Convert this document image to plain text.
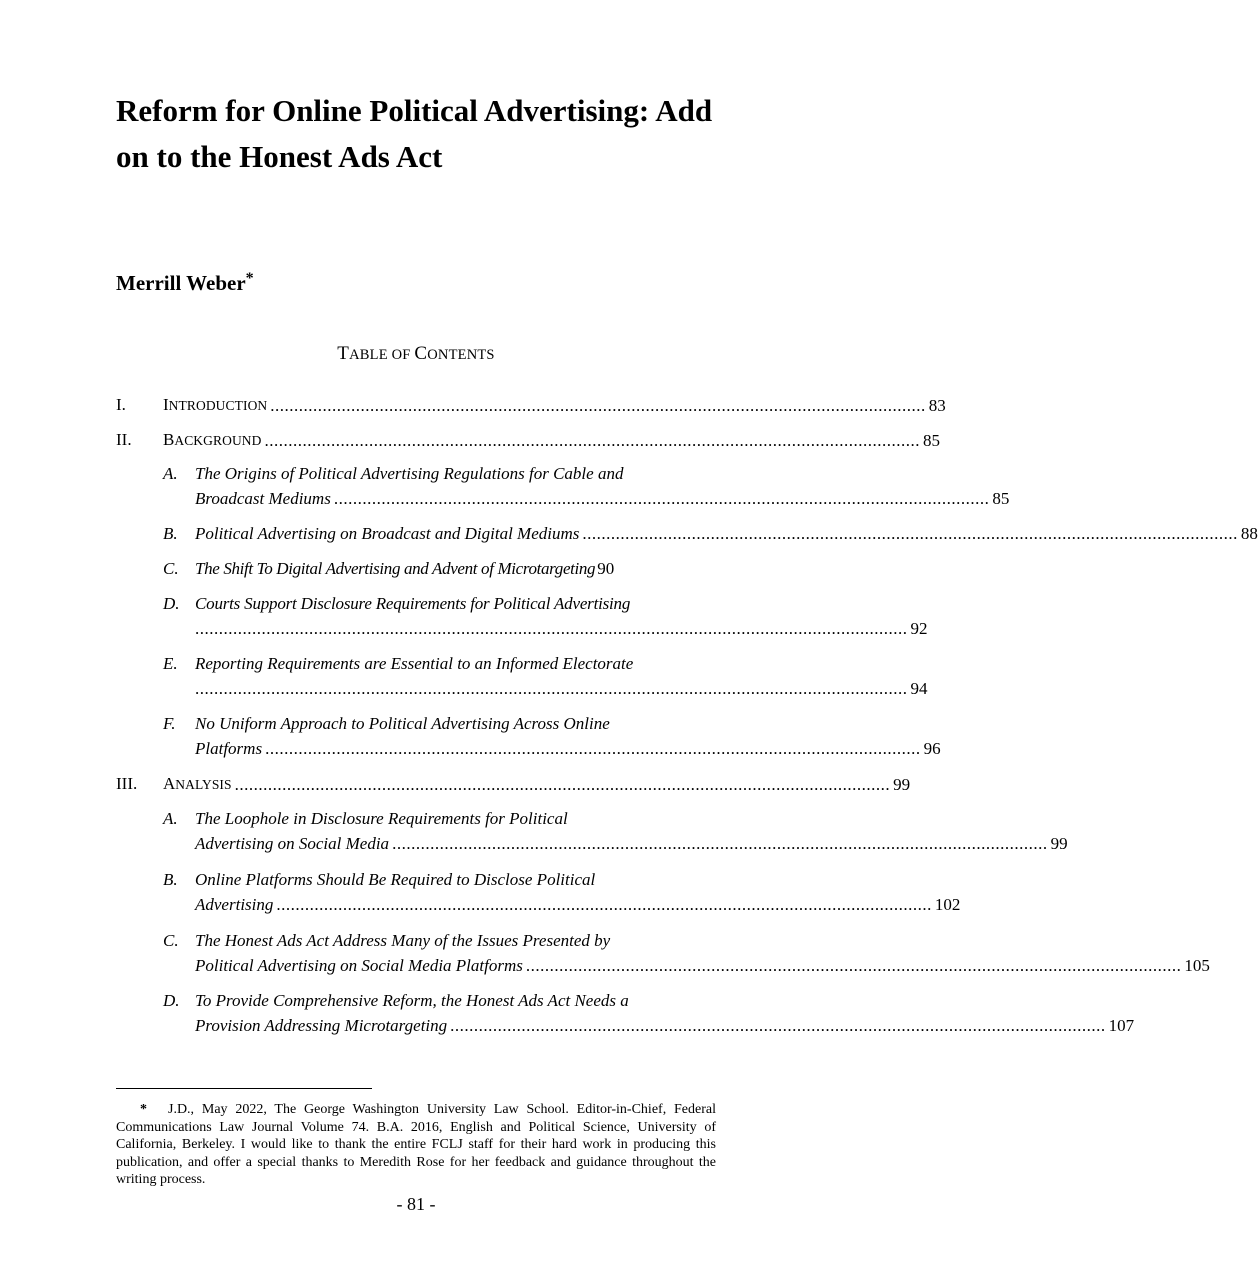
Reform for Online Political Advertising: Add on to the Honest Ads Act
Merrill Weber*
TABLE OF CONTENTS
I. INTRODUCTION .......................................................................................................................................... 83
II. BACKGROUND .......................................................................................................................................... 85
A. The Origins of Political Advertising Regulations for Cable and
Broadcast Mediums .......................................................................................................................................... 85
B. Political Advertising on Broadcast and Digital Mediums .......................................................................................................................................... 88
C. The Shift To Digital Advertising and Advent of Microtargeting 90
D. Courts Support Disclosure Requirements for Political Advertising
...................................................................................................................................................... 92
E. Reporting Requirements are Essential to an Informed Electorate
...................................................................................................................................................... 94
F. No Uniform Approach to Political Advertising Across Online
Platforms .......................................................................................................................................... 96
III. ANALYSIS .......................................................................................................................................... 99
A. The Loophole in Disclosure Requirements for Political
Advertising on Social Media .......................................................................................................................................... 99
B. Online Platforms Should Be Required to Disclose Political
Advertising .......................................................................................................................................... 102
C. The Honest Ads Act Address Many of the Issues Presented by
Political Advertising on Social Media Platforms .......................................................................................................................................... 105
D. To Provide Comprehensive Reform, the Honest Ads Act Needs a
Provision Addressing Microtargeting .......................................................................................................................................... 107
* J.D., May 2022, The George Washington University Law School. Editor-in-Chief, Federal Communications Law Journal Volume 74. B.A. 2016, English and Political Science, University of California, Berkeley. I would like to thank the entire FCLJ staff for their hard work in producing this publication, and offer a special thanks to Meredith Rose for her feedback and guidance throughout the writing process.
- 81 -
